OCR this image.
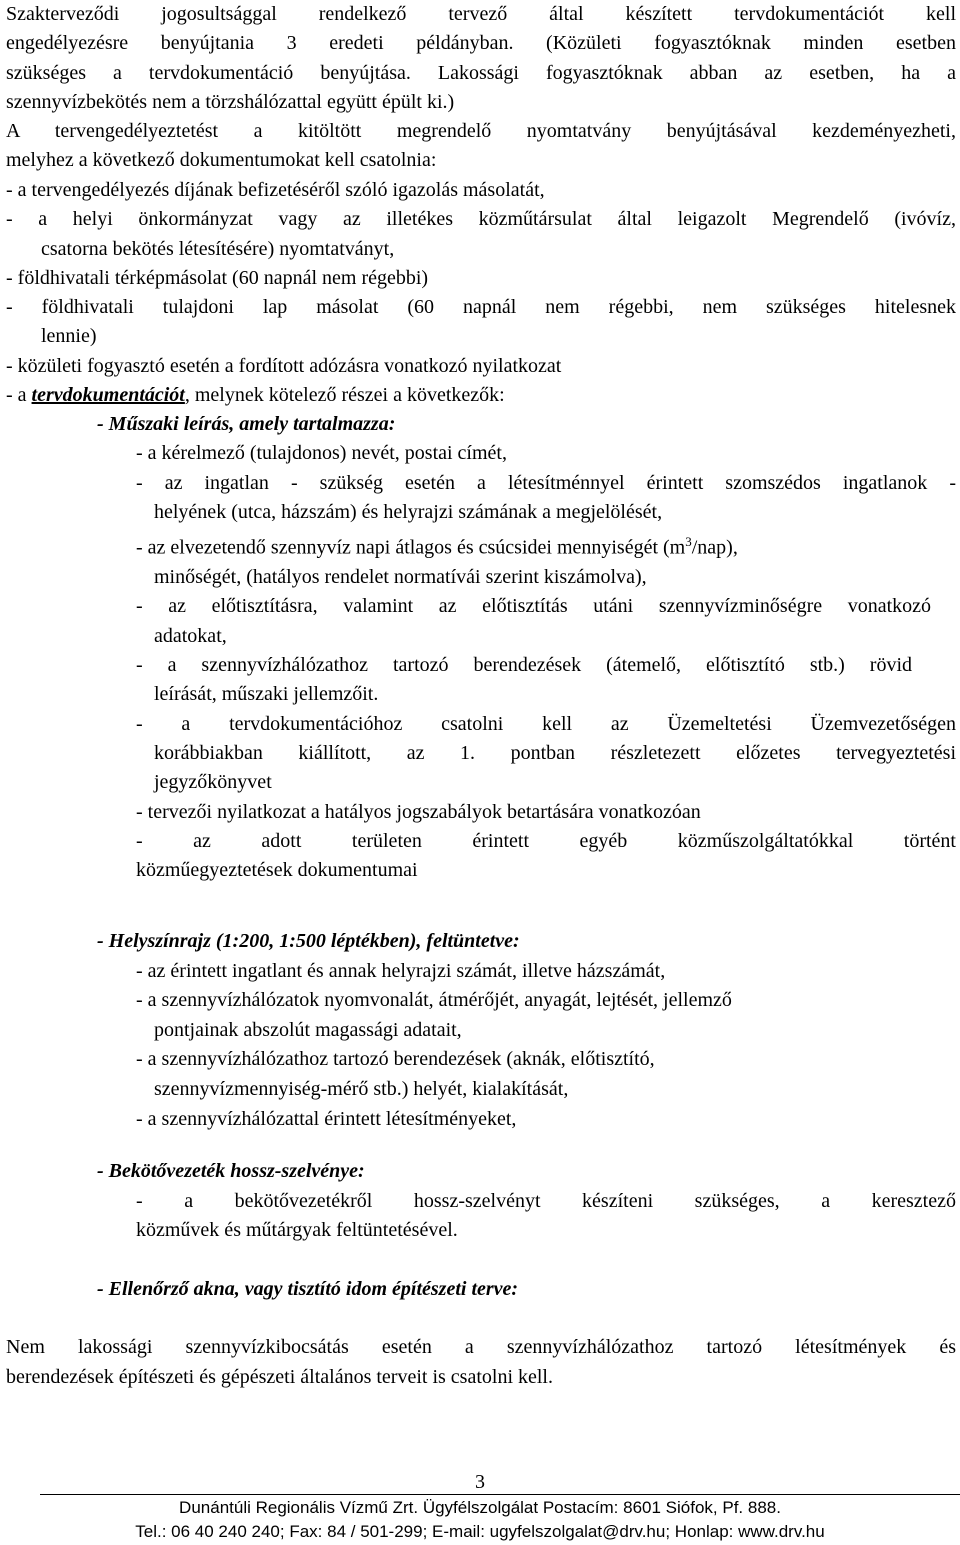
Szakterveződi jogosultsággal rendelkező tervező által készített tervdokumentációt kell

engedélyezésre benyújtania 3 eredeti példányban. (Közületi fogyasztóknak minden esetben

szükséges a tervdokumentáció benyújtása. Lakossági fogyasztóknak abban az esetben, ha a

szennyvízbekötés nem a törzshálózattal együtt épült ki.)

A tervengedélyeztetést a kitöltött megrendelő nyomtatvány benyújtásával kezdeményezheti,

melyhez a következő dokumentumokat kell csatolnia:

- a tervengedélyezés díjának befizetéséről szóló igazolás másolatát,

- a helyi önkormányzat vagy az illetékes közműtársulat által leigazolt Megrendelő (ivóvíz,

csatorna bekötés létesítésére) nyomtatványt,

- földhivatali térképmásolat (60 napnál nem régebbi)

- földhivatali tulajdoni lap másolat (60 napnál nem régebbi, nem szükséges hitelesnek

lennie)

- közületi fogyasztó esetén a fordított adózásra vonatkozó nyilatkozat

- a tervdokumentációt, melynek kötelező részei a következők:

- Műszaki leírás, amely tartalmazza:

- a kérelmező (tulajdonos) nevét, postai címét,

- az ingatlan - szükség esetén a létesítménnyel érintett szomszédos ingatlanok -

helyének (utca, házszám) és helyrajzi számának a megjelölését,

- az elvezetendő szennyvíz napi átlagos és csúcsidei mennyiségét $(m^3/nap)$,

minőségét, (hatályos rendelet normatívái szerint kiszámolva),

- az előtisztításra, valamint az előtisztítás utáni szennyvízminőségre vonatkozó

adatokat,

- a szennyvízhálózathoz tartozó berendezések (átemelő, előtisztító stb.) rövid

leírását, műszaki jellemzőit.

- a tervdokumentációhoz csatolni kell az Üzemeltetési Üzemvezetőségen

korábbiakban kiállított, az 1. pontban részletezett előzetes tervegyeztetési

jegyzőkönyvet

- tervezői nyilatkozat a hatályos jogszabályok betartására vonatkozóan

- az adott területen érintett egyéb közműszolgáltatókkal történt

közműegyeztetések dokumentumai

- Helyszínrajz (1:200, 1:500 léptékben), feltüntetve:

- az érintett ingatlant és annak helyrajzi számát, illetve házszámát,

- a szennyvízhálózatok nyomvonalát, átmérőjét, anyagát, lejtését, jellemző

pontjainak abszolút magassági adatait,

- a szennyvízhálózathoz tartozó berendezések (aknák, előtisztító,

szennyvízmennyiség-mérő stb.) helyét, kialakítását,

- a szennyvízhálózattal érintett létesítményeket,

- Bekötővezeték hossz-szelvénye:

- a bekötővezetékről hossz-szelvényt készíteni szükséges, a keresztező

közművek és műtárgyak feltüntetésével.

- Ellenőrző akna, vagy tisztító idom építészeti terve:

Nem lakossági szennyvízkibocsátás esetén a szennyvízhálózathoz tartozó létesítmények és

berendezések építészeti és gépészeti általános terveit is csatolni kell.

3
Dunántúli Regionális Vízmű Zrt. Ügyfélszolgálat Postacím: 8601 Siófok, Pf. 888.
Tel.: 06 40 240 240; Fax: 84 / 501-299; E-mail: ugyfelszolgalat@drv.hu; Honlap: www.drv.hu
